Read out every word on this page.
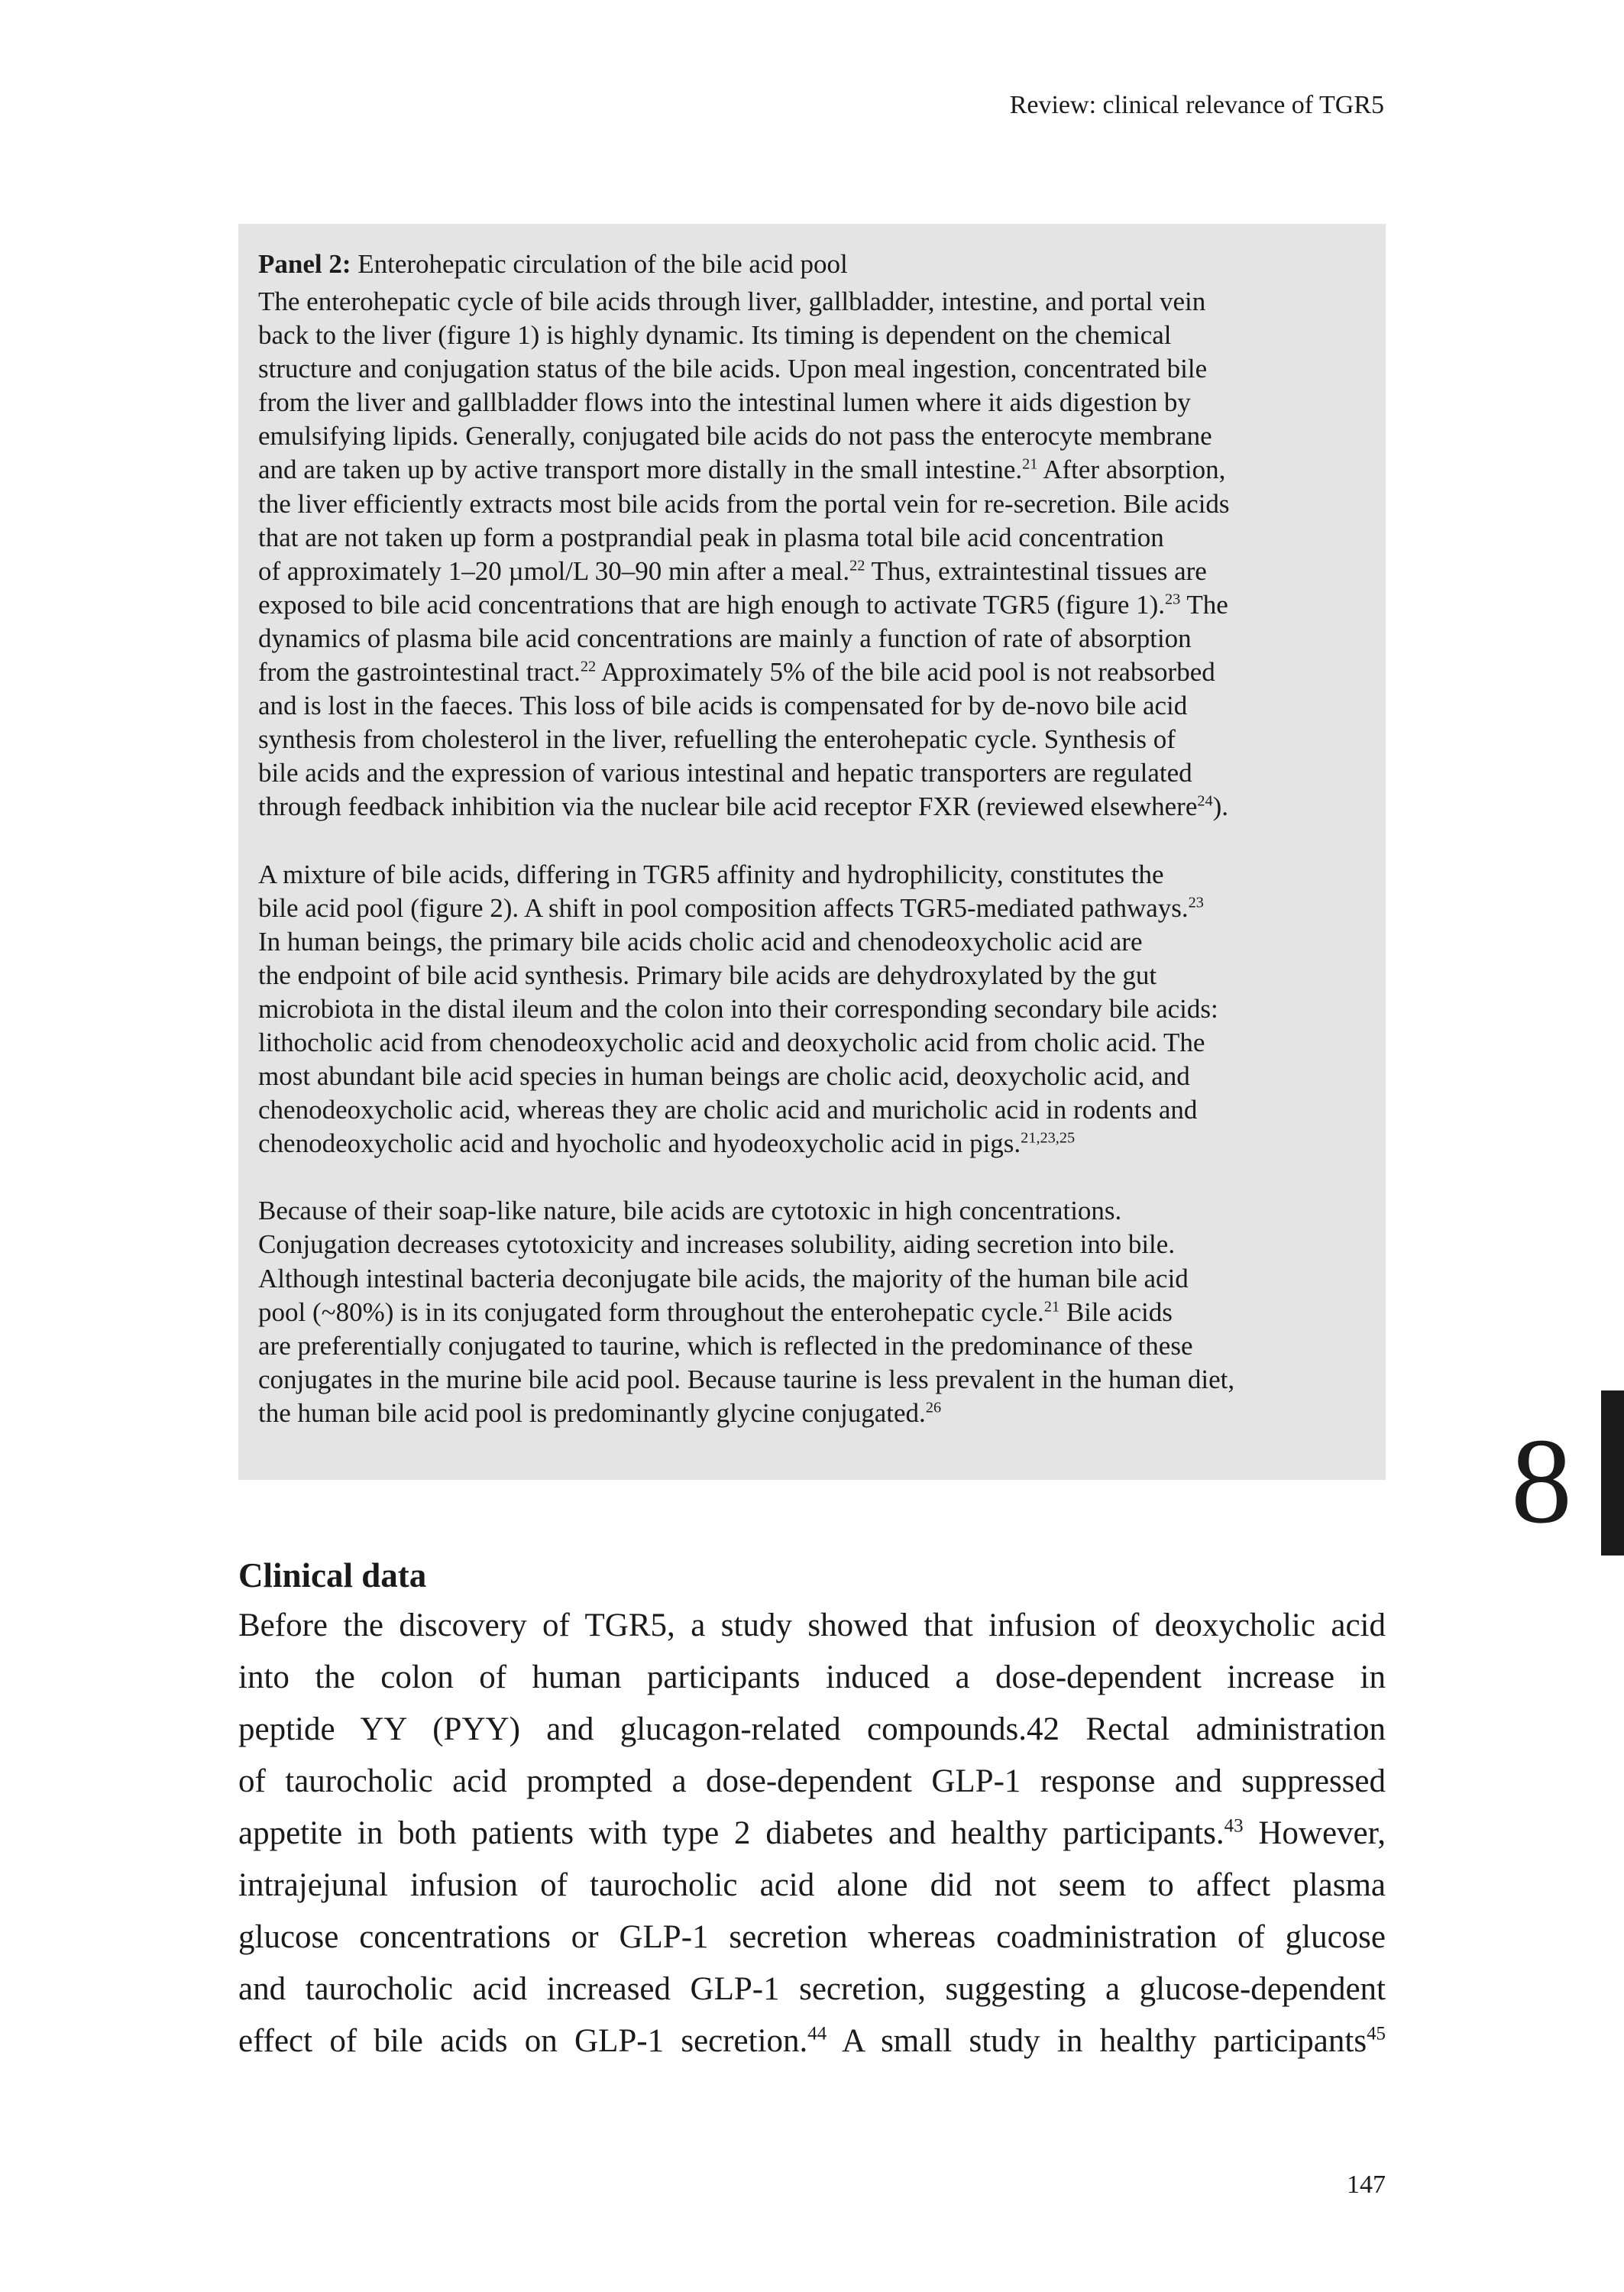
Review: clinical relevance of TGR5
Panel 2: Enterohepatic circulation of the bile acid pool

The enterohepatic cycle of bile acids through liver, gallbladder, intestine, and portal vein
back to the liver (figure 1) is highly dynamic. Its timing is dependent on the chemical
structure and conjugation status of the bile acids. Upon meal ingestion, concentrated bile
from the liver and gallbladder flows into the intestinal lumen where it aids digestion by
emulsifying lipids. Generally, conjugated bile acids do not pass the enterocyte membrane
and are taken up by active transport more distally in the small intestine.$^{21}$ After absorption,
the liver efficiently extracts most bile acids from the portal vein for re-secretion. Bile acids
that are not taken up form a postprandial peak in plasma total bile acid concentration
of approximately 1–20 µmol/L 30–90 min after a meal.$^{22}$ Thus, extraintestinal tissues are
exposed to bile acid concentrations that are high enough to activate TGR5 (figure 1).$^{23}$ The
dynamics of plasma bile acid concentrations are mainly a function of rate of absorption
from the gastrointestinal tract.$^{22}$ Approximately 5% of the bile acid pool is not reabsorbed
and is lost in the faeces. This loss of bile acids is compensated for by de-novo bile acid
synthesis from cholesterol in the liver, refuelling the enterohepatic cycle. Synthesis of
bile acids and the expression of various intestinal and hepatic transporters are regulated
through feedback inhibition via the nuclear bile acid receptor FXR (reviewed elsewhere$^{24}$).

A mixture of bile acids, differing in TGR5 affinity and hydrophilicity, constitutes the
bile acid pool (figure 2). A shift in pool composition affects TGR5-mediated pathways.$^{23}$
In human beings, the primary bile acids cholic acid and chenodeoxycholic acid are
the endpoint of bile acid synthesis. Primary bile acids are dehydroxylated by the gut
microbiota in the distal ileum and the colon into their corresponding secondary bile acids:
lithocholic acid from chenodeoxycholic acid and deoxycholic acid from cholic acid. The
most abundant bile acid species in human beings are cholic acid, deoxycholic acid, and
chenodeoxycholic acid, whereas they are cholic acid and muricholic acid in rodents and
chenodeoxycholic acid and hyocholic and hyodeoxycholic acid in pigs.$^{21,23,25}$

Because of their soap-like nature, bile acids are cytotoxic in high concentrations.
Conjugation decreases cytotoxicity and increases solubility, aiding secretion into bile.
Although intestinal bacteria deconjugate bile acids, the majority of the human bile acid
pool (~80%) is in its conjugated form throughout the enterohepatic cycle.$^{21}$ Bile acids
are preferentially conjugated to taurine, which is reflected in the predominance of these
conjugates in the murine bile acid pool. Because taurine is less prevalent in the human diet,
the human bile acid pool is predominantly glycine conjugated.$^{26}$

8
Clinical data
Before the discovery of TGR5, a study showed that infusion of deoxycholic acid
into the colon of human participants induced a dose-dependent increase in
peptide YY (PYY) and glucagon-related compounds.42 Rectal administration
of taurocholic acid prompted a dose-dependent GLP-1 response and suppressed
appetite in both patients with type 2 diabetes and healthy participants.$^{43}$ However,
intrajejunal infusion of taurocholic acid alone did not seem to affect plasma
glucose concentrations or GLP-1 secretion whereas coadministration of glucose
and taurocholic acid increased GLP-1 secretion, suggesting a glucose-dependent
effect of bile acids on GLP-1 secretion.$^{44}$ A small study in healthy participants$^{45}$
147
